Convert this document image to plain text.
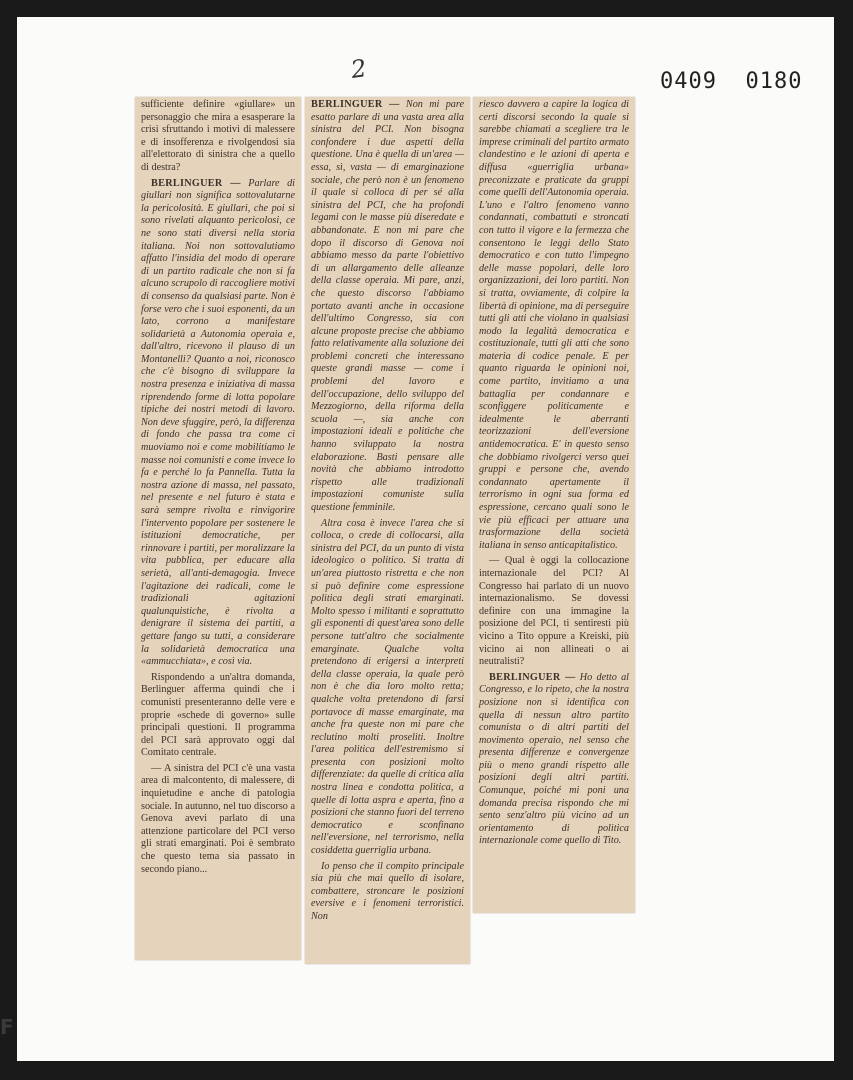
2	0409 0180

sufficiente definire «giullare» un personaggio che mira a esasperare la crisi sfruttando i motivi di malessere e di insofferenza e rivolgendosi sia all'elettorato di sinistra che a quello di destra?

BERLINGUER — Parlare di giullari non significa sottovalutarne la pericolosità. E giullari, che poi si sono rivelati alquanto pericolosi, ce ne sono stati diversi nella storia italiana. Noi non sottovalutiamo affatto l'insidia del modo di operare di un partito radicale che non si fa alcuno scrupolo di raccogliere motivi di consenso da qualsiasi parte. Non è forse vero che i suoi esponenti, da un lato, corrono a manifestare solidarietà a Autonomia operaia e, dall'altro, ricevono il plauso di un Montanelli? Quanto a noi, riconosco che c'è bisogno di sviluppare la nostra presenza e iniziativa di massa riprendendo forme di lotta popolare tipiche dei nostri metodi di lavoro. Non deve sfuggire, però, la differenza di fondo che passa tra come ci muoviamo noi e come mobilitiamo le masse noi comunisti e come invece lo fa e perché lo fa Pannella. Tutta la nostra azione di massa, nel passato, nel presente e nel futuro è stata e sarà sempre rivolta e rinvigorire l'intervento popolare per sostenere le istituzioni democratiche, per rinnovare i partiti, per moralizzare la vita pubblica, per educare alla serietà, all'anti-demagogia. Invece l'agitazione dei radicali, come le tradizionali agitazioni qualunquistiche, è rivolta a denigrare il sistema dei partiti, a gettare fango su tutti, a considerare la solidarietà democratica una «ammucchiata», e così via.

Rispondendo a un'altra domanda, Berlinguer afferma quindi che i comunisti presenteranno delle vere e proprie «schede di governo» sulle principali questioni. Il programma del PCI sarà approvato oggi dal Comitato centrale.

— A sinistra del PCI c'è una vasta area di malcontento, di malessere, di inquietudine e anche di patologia sociale. In autunno, nel tuo discorso a Genova avevi parlato di una attenzione particolare del PCI verso gli strati emarginati. Poi è sembrato che questo tema sia passato in secondo piano...

BERLINGUER — Non mi pare esatto parlare di una vasta area alla sinistra del PCI. Non bisogna confondere i due aspetti della questione. Una è quella di un'area — essa, sì, vasta — di emarginazione sociale, che però non è un fenomeno il quale si colloca di per sé alla sinistra del PCI, che ha profondi legami con le masse più diseredate e abbandonate. E non mi pare che dopo il discorso di Genova noi abbiamo messo da parte l'obiettivo di un allargamento delle alleanze della classe operaia. Mi pare, anzi, che questo discorso l'abbiamo portato avanti anche in occasione dell'ultimo Congresso, sia con alcune proposte precise che abbiamo fatto relativamente alla soluzione dei problemi concreti che interessano queste grandi masse — come i problemi del lavoro e dell'occupazione, dello sviluppo del Mezzogiorno, della riforma della scuola —, sia anche con impostazioni ideali e politiche che hanno sviluppato la nostra elaborazione. Basti pensare alle novità che abbiamo introdotto rispetto alle tradizionali impostazioni comuniste sulla questione femminile.

Altra cosa è invece l'area che si colloca, o crede di collocarsi, alla sinistra del PCI, da un punto di vista ideologico o politico. Si tratta di un'area piuttosto ristretta e che non si può definire come espressione politica degli strati emarginati. Molto spesso i militanti e soprattutto gli esponenti di quest'area sono delle persone tutt'altro che socialmente emarginate. Qualche volta pretendono di erigersi a interpreti della classe operaia, la quale però non è che dia loro molto retta; qualche volta pretendono di farsi portavoce di masse emarginate, ma anche fra queste non mi pare che reclutino molti proseliti. Inoltre l'area politica dell'estremismo si presenta con posizioni molto differenziate: da quelle di critica alla nostra linea e condotta politica, a quelle di lotta aspra e aperta, fino a posizioni che stanno fuori del terreno democratico e sconfinano nell'eversione, nel terrorismo, nella cosiddetta guerriglia urbana.

Io penso che il compito principale sia più che mai quello di isolare, combattere, stroncare le posizioni eversive e i fenomeni terroristici. Non

riesco davvero a capire la logica di certi discorsi secondo la quale si sarebbe chiamati a scegliere tra le imprese criminali del partito armato clandestino e le azioni di aperta e diffusa «guerriglia urbana» preconizzate e praticate da gruppi come quelli dell'Autonomia operaia. L'uno e l'altro fenomeno vanno condannati, combattuti e stroncati con tutto il vigore e la fermezza che consentono le leggi dello Stato democratico e con tutto l'impegno delle masse popolari, delle loro organizzazioni, dei loro partiti. Non si tratta, ovviamente, di colpire la libertà di opinione, ma di perseguire tutti gli atti che violano in qualsiasi modo la legalità democratica e costituzionale, tutti gli atti che sono materia di codice penale. E per quanto riguarda le opinioni noi, come partito, invitiamo a una battaglia per condannare e sconfiggere politicamente e idealmente le aberranti teorizzazioni dell'eversione antidemocratica. E' in questo senso che dobbiamo rivolgerci verso quei gruppi e persone che, avendo condannato apertamente il terrorismo in ogni sua forma ed espressione, cercano quali sono le vie più efficaci per attuare una trasformazione della società italiana in senso anticapitalistico.

— Qual è oggi la collocazione internazionale del PCI? Al Congresso hai parlato di un nuovo internazionalismo. Se dovessi definire con una immagine la posizione del PCI, ti sentiresti più vicino a Tito oppure a Kreiski, più vicino ai non allineati o ai neutralisti?

BERLINGUER — Ho detto al Congresso, e lo ripeto, che la nostra posizione non si identifica con quella di nessun altro partito comunista o di altri partiti del movimento operaio, nel senso che presenta differenze e convergenze più o meno grandi rispetto alle posizioni degli altri partiti. Comunque, poiché mi poni una domanda precisa rispondo che mi sento senz'altro più vicino ad un orientamento di politica internazionale come quello di Tito.

F
